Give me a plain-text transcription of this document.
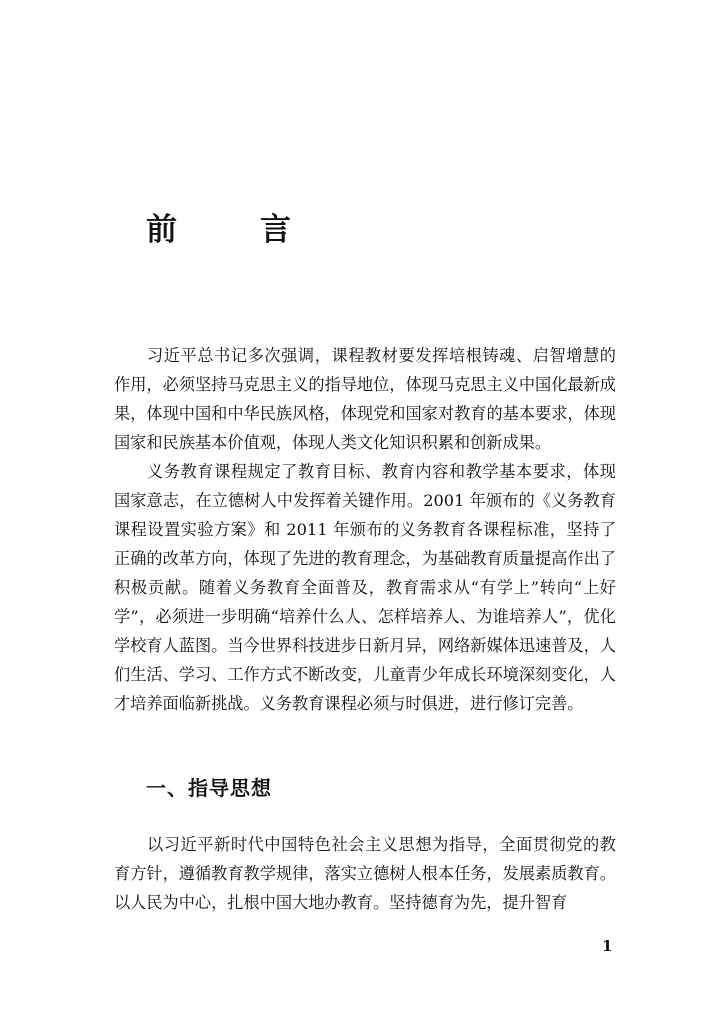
前　言

习近平总书记多次强调，课程教材要发挥培根铸魂、启智增慧的作用，必须坚持马克思主义的指导地位，体现马克思主义中国化最新成果，体现中国和中华民族风格，体现党和国家对教育的基本要求，体现国家和民族基本价值观，体现人类文化知识积累和创新成果。

义务教育课程规定了教育目标、教育内容和教学基本要求，体现国家意志，在立德树人中发挥着关键作用。2001 年颁布的《义务教育课程设置实验方案》和 2011 年颁布的义务教育各课程标准，坚持了正确的改革方向，体现了先进的教育理念，为基础教育质量提高作出了积极贡献。随着义务教育全面普及，教育需求从“有学上”转向“上好学”，必须进一步明确“培养什么人、怎样培养人、为谁培养人”，优化学校育人蓝图。当今世界科技进步日新月异，网络新媒体迅速普及，人们生活、学习、工作方式不断改变，儿童青少年成长环境深刻变化，人才培养面临新挑战。义务教育课程必须与时俱进，进行修订完善。

一、指导思想

以习近平新时代中国特色社会主义思想为指导，全面贯彻党的教育方针，遵循教育教学规律，落实立德树人根本任务，发展素质教育。以人民为中心，扎根中国大地办教育。坚持德育为先，提升智育

1
